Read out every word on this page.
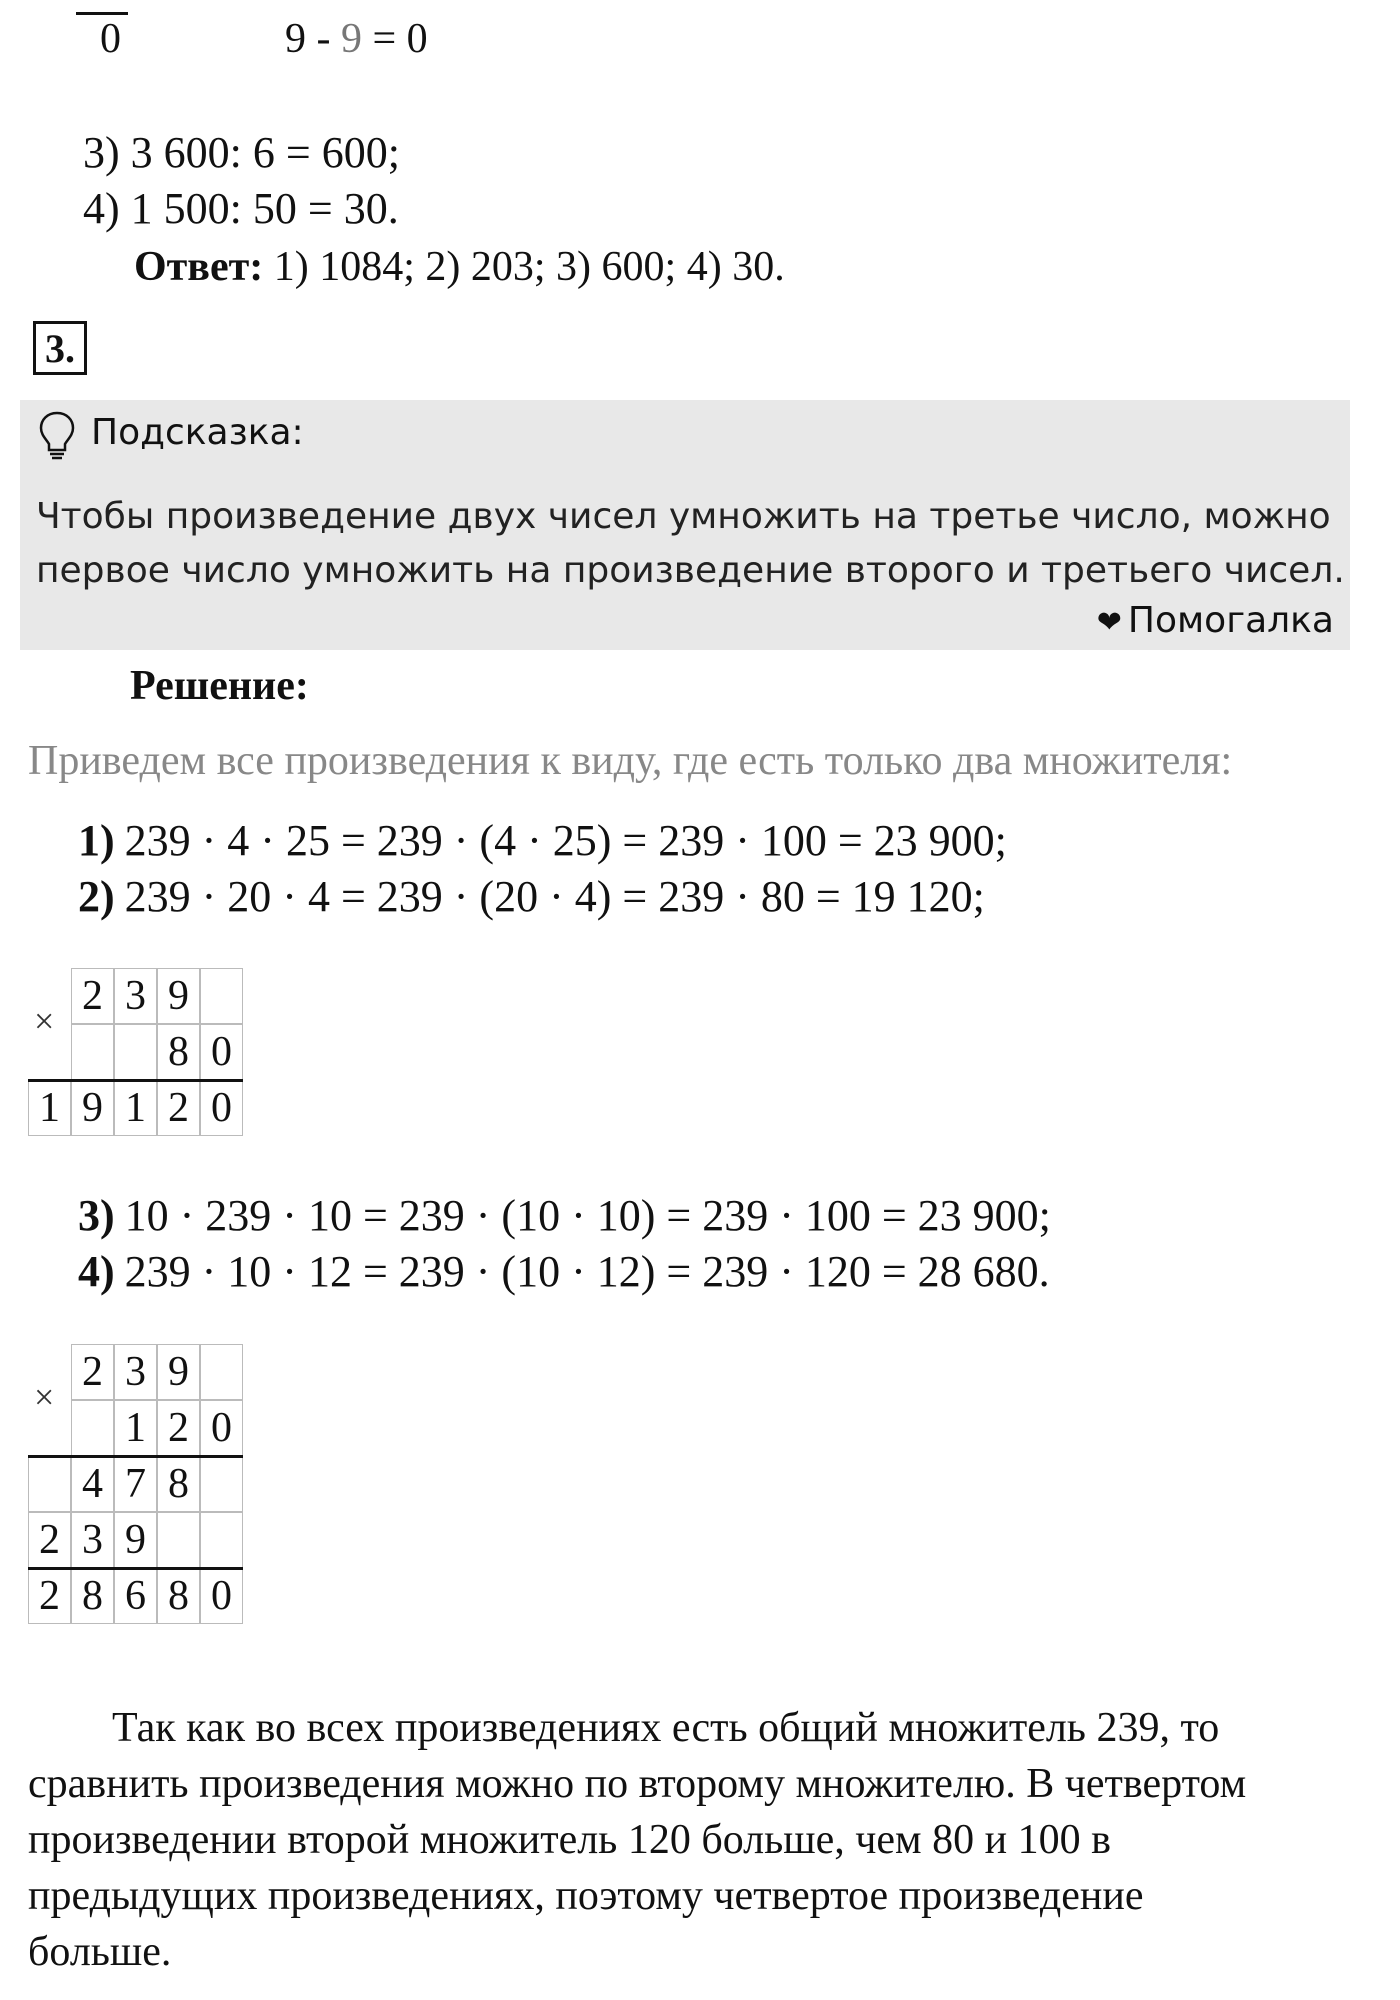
0	9 - 9 = 0
3) 3 600: 6 = 600;
4) 1 500: 50 = 30.
Ответ: 1) 1084; 2) 203; 3) 600; 4) 30.
3.
Подсказка:
Чтобы произведение двух чисел умножить на третье число, можно
первое число умножить на произведение второго и третьего чисел.
❤ Помогалка
Решение:
Приведем все произведения к виду, где есть только два множителя:
1) 239 · 4 · 25 = 239 · (4 · 25) = 239 · 100 = 23 900;
2) 239 · 20 · 4 = 239 · (20 · 4) = 239 · 80 = 19 120;
2 3 9
8 0
1 9 1 2 0
×
3) 10 · 239 · 10 = 239 · (10 · 10) = 239 · 100 = 23 900;
4) 239 · 10 · 12 = 239 · (10 · 12) = 239 · 120 = 28 680.
2 3 9
1 2 0
4 7 8
2 3 9
2 8 6 8 0
×
Так как во всех произведениях есть общий множитель 239, то
сравнить произведения можно по второму множителю. В четвертом
произведении второй множитель 120 больше, чем 80 и 100 в
предыдущих произведениях, поэтому четвертое произведение
больше.
